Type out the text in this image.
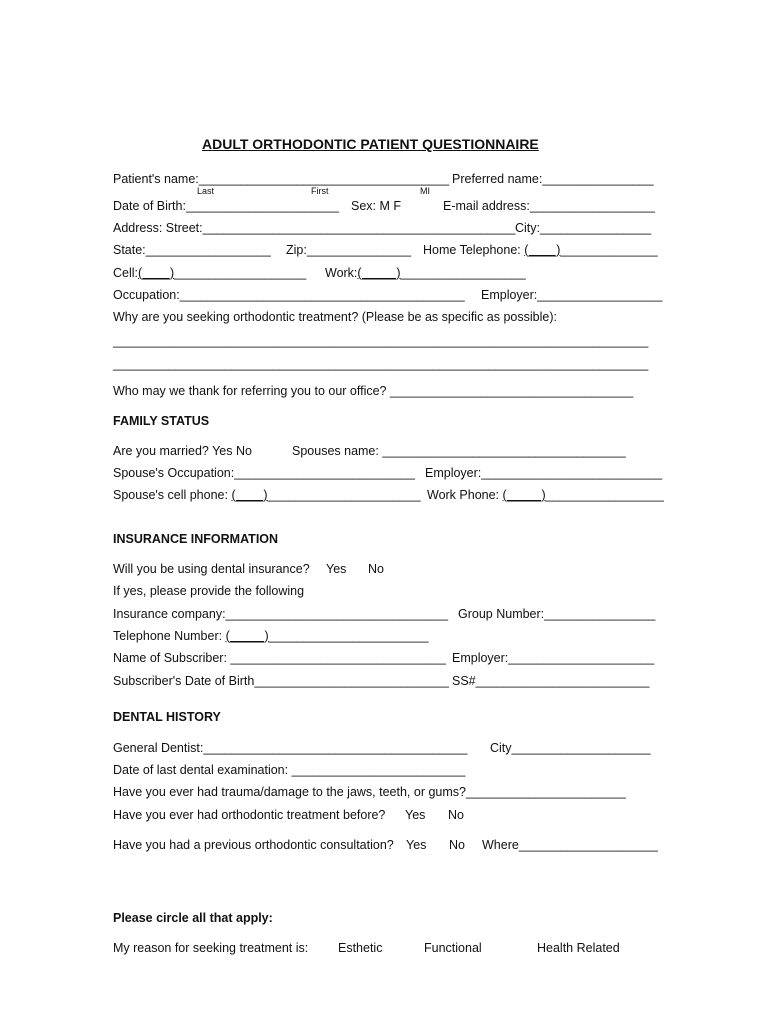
ADULT ORTHODONTIC PATIENT QUESTIONNAIRE
Patient's name:____________________________________ Preferred name:________________
Last	First	MI
Date of Birth:______________________ Sex: M F	E-mail address:__________________
Address: Street:_____________________________________________ City:________________
State:__________________ Zip:_______________ Home Telephone: (____)______________
Cell:(____)___________________ Work:(_____)__________________
Occupation:_________________________________________ Employer:__________________
Why are you seeking orthodontic treatment? (Please be as specific as possible):
_____________________________________________________________________________
_____________________________________________________________________________
Who may we thank for referring you to our office? ___________________________________
FAMILY STATUS
Are you married? Yes No	Spouses name: ___________________________________
Spouse's Occupation:__________________________ Employer:__________________________
Spouse's cell phone: (____)______________________ Work Phone: (_____)_________________
INSURANCE INFORMATION
Will you be using dental insurance? Yes No
If yes, please provide the following
Insurance company:________________________________ Group Number:________________
Telephone Number: (_____)_______________________
Name of Subscriber: _______________________________ Employer:_____________________
Subscriber's Date of Birth____________________________ SS#_________________________
DENTAL HISTORY
General Dentist:______________________________________ City____________________
Date of last dental examination: _________________________
Have you ever had trauma/damage to the jaws, teeth, or gums?_______________________
Have you ever had orthodontic treatment before? Yes No
Have you had a previous orthodontic consultation? Yes No Where____________________
Please circle all that apply:
My reason for seeking treatment is: Esthetic	Functional	Health Related
